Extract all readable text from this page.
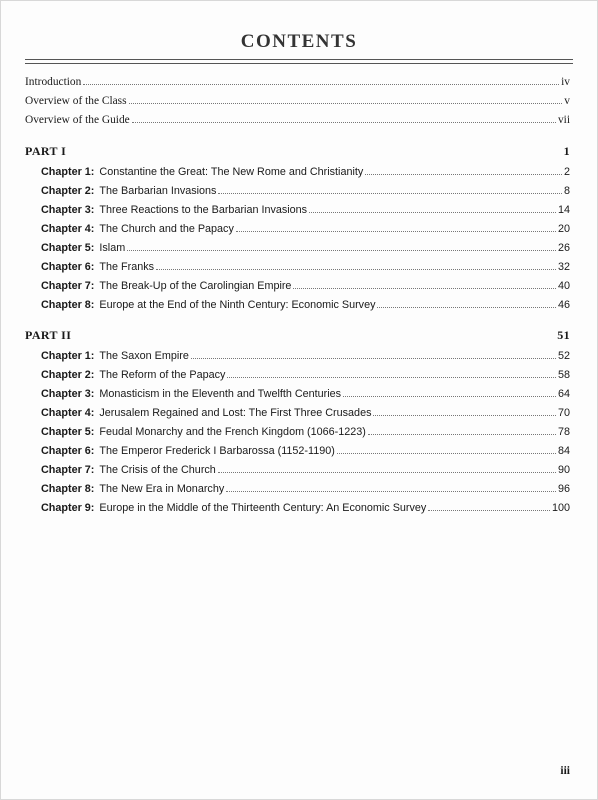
CONTENTS
Introduction	iv
Overview of the Class	v
Overview of the Guide	vii
PART I	1
Chapter 1: Constantine the Great: The New Rome and Christianity	2
Chapter 2: The Barbarian Invasions	8
Chapter 3: Three Reactions to the Barbarian Invasions	14
Chapter 4: The Church and the Papacy	20
Chapter 5: Islam	26
Chapter 6: The Franks	32
Chapter 7: The Break-Up of the Carolingian Empire	40
Chapter 8: Europe at the End of the Ninth Century: Economic Survey	46
PART II	51
Chapter 1: The Saxon Empire	52
Chapter 2: The Reform of the Papacy	58
Chapter 3: Monasticism in the Eleventh and Twelfth Centuries	64
Chapter 4: Jerusalem Regained and Lost: The First Three Crusades	70
Chapter 5: Feudal Monarchy and the French Kingdom (1066-1223)	78
Chapter 6: The Emperor Frederick I Barbarossa (1152-1190)	84
Chapter 7: The Crisis of the Church	90
Chapter 8: The New Era in Monarchy	96
Chapter 9: Europe in the Middle of the Thirteenth Century: An Economic Survey	100
iii
